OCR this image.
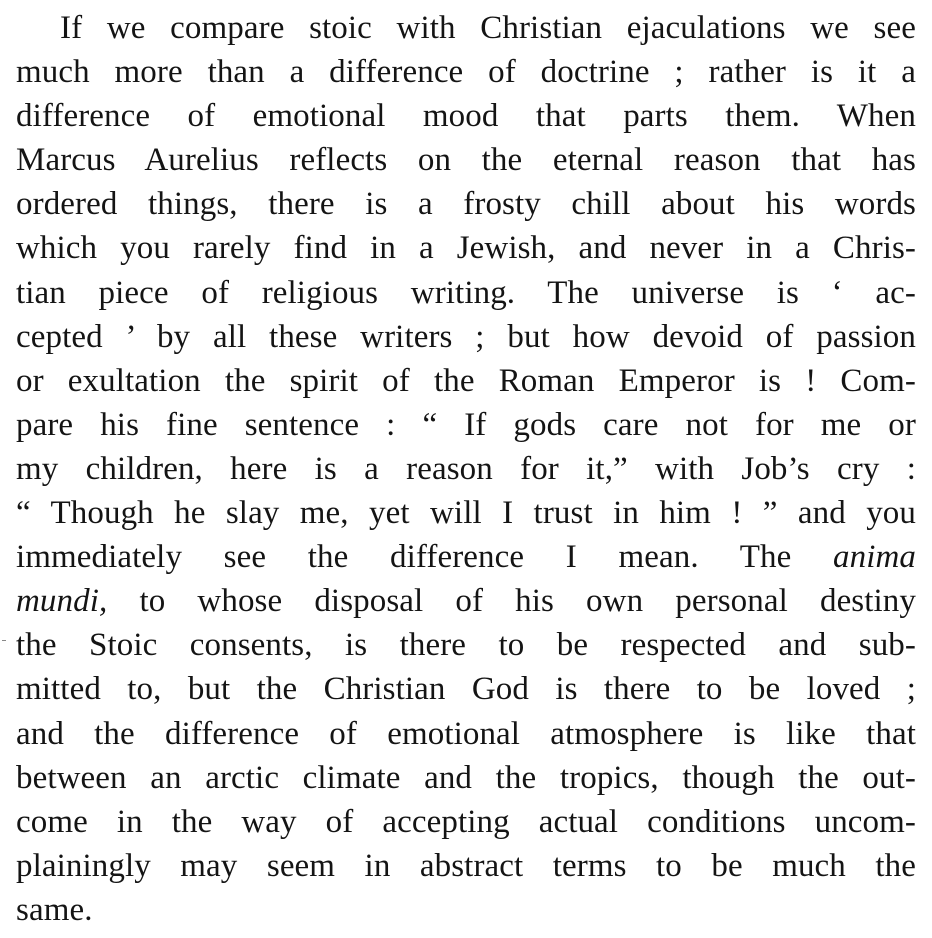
If we compare stoic with Christian ejaculations we see
much more than a difference of doctrine ; rather is it a
difference of emotional mood that parts them. When
Marcus Aurelius reflects on the eternal reason that has
ordered things, there is a frosty chill about his words
which you rarely find in a Jewish, and never in a Chris-
tian piece of religious writing. The universe is ‘ ac-
cepted ’ by all these writers ; but how devoid of passion
or exultation the spirit of the Roman Emperor is ! Com-
pare his fine sentence : “ If gods care not for me or
my children, here is a reason for it,” with Job’s cry :
“ Though he slay me, yet will I trust in him ! ” and you
immediately see the difference I mean. The anima
mundi, to whose disposal of his own personal destiny
the Stoic consents, is there to be respected and sub-
mitted to, but the Christian God is there to be loved ;
and the difference of emotional atmosphere is like that
between an arctic climate and the tropics, though the out-
come in the way of accepting actual conditions uncom-
plainingly may seem in abstract terms to be much the
same.
